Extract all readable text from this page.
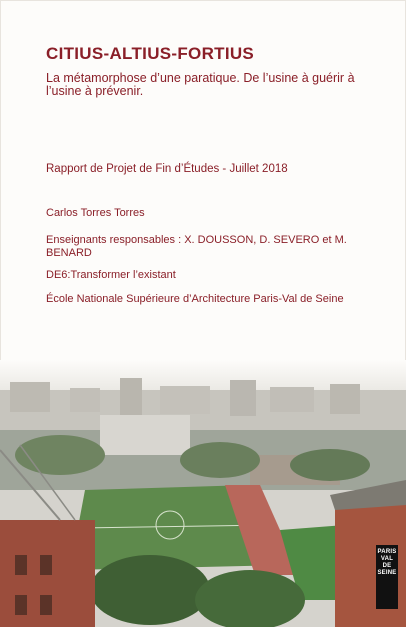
CITIUS-ALTIUS-FORTIUS

La métamorphose d’une paratique. De l’usine à guérir à l’usine à prévenir.

Rapport de Projet de Fin d’Études - Juillet 2018

Carlos Torres Torres

Enseignants responsables : X. DOUSSON, D. SEVERO et M. BENARD

DE6:Transformer l’existant

École Nationale Supérieure d’Architecture Paris-Val de Seine

PARIS
VAL DE
SEINE
